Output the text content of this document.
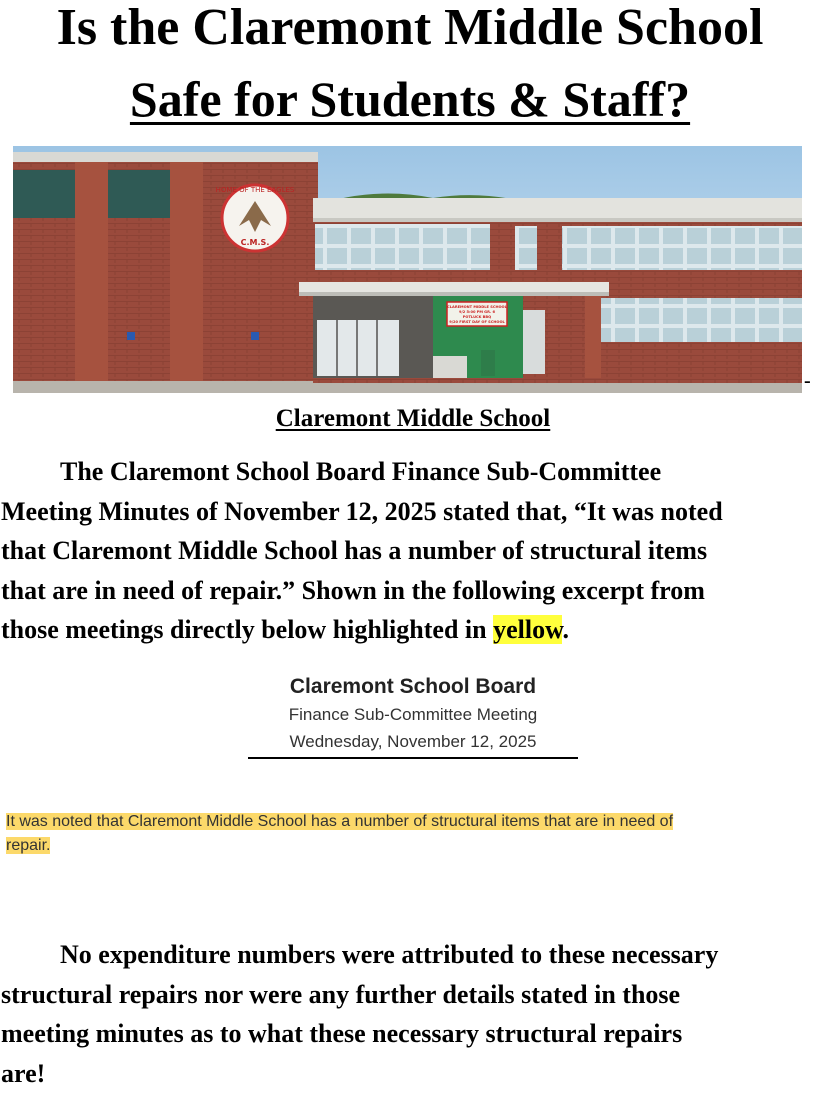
Is the Claremont Middle School
Safe for Students & Staff?
HOME OF THE EAGLES
C.M.S.
CLAREMONT MIDDLE SCHOOL
9/2 5:00 PM GR. 6
POTLUCK BBQ
9/20 FIRST DAY OF SCHOOL
-
Claremont Middle School
The Claremont School Board Finance Sub-Committee
Meeting Minutes of November 12, 2025 stated that, “It was noted
that Claremont Middle School has a number of structural items
that are in need of repair.” Shown in the following excerpt from
those meetings directly below highlighted in yellow.
Claremont School Board
Finance Sub-Committee Meeting
Wednesday, November 12, 2025
It was noted that Claremont Middle School has a number of structural items that are in need of
repair.
No expenditure numbers were attributed to these necessary
structural repairs nor were any further details stated in those
meeting minutes as to what these necessary structural repairs
are!
